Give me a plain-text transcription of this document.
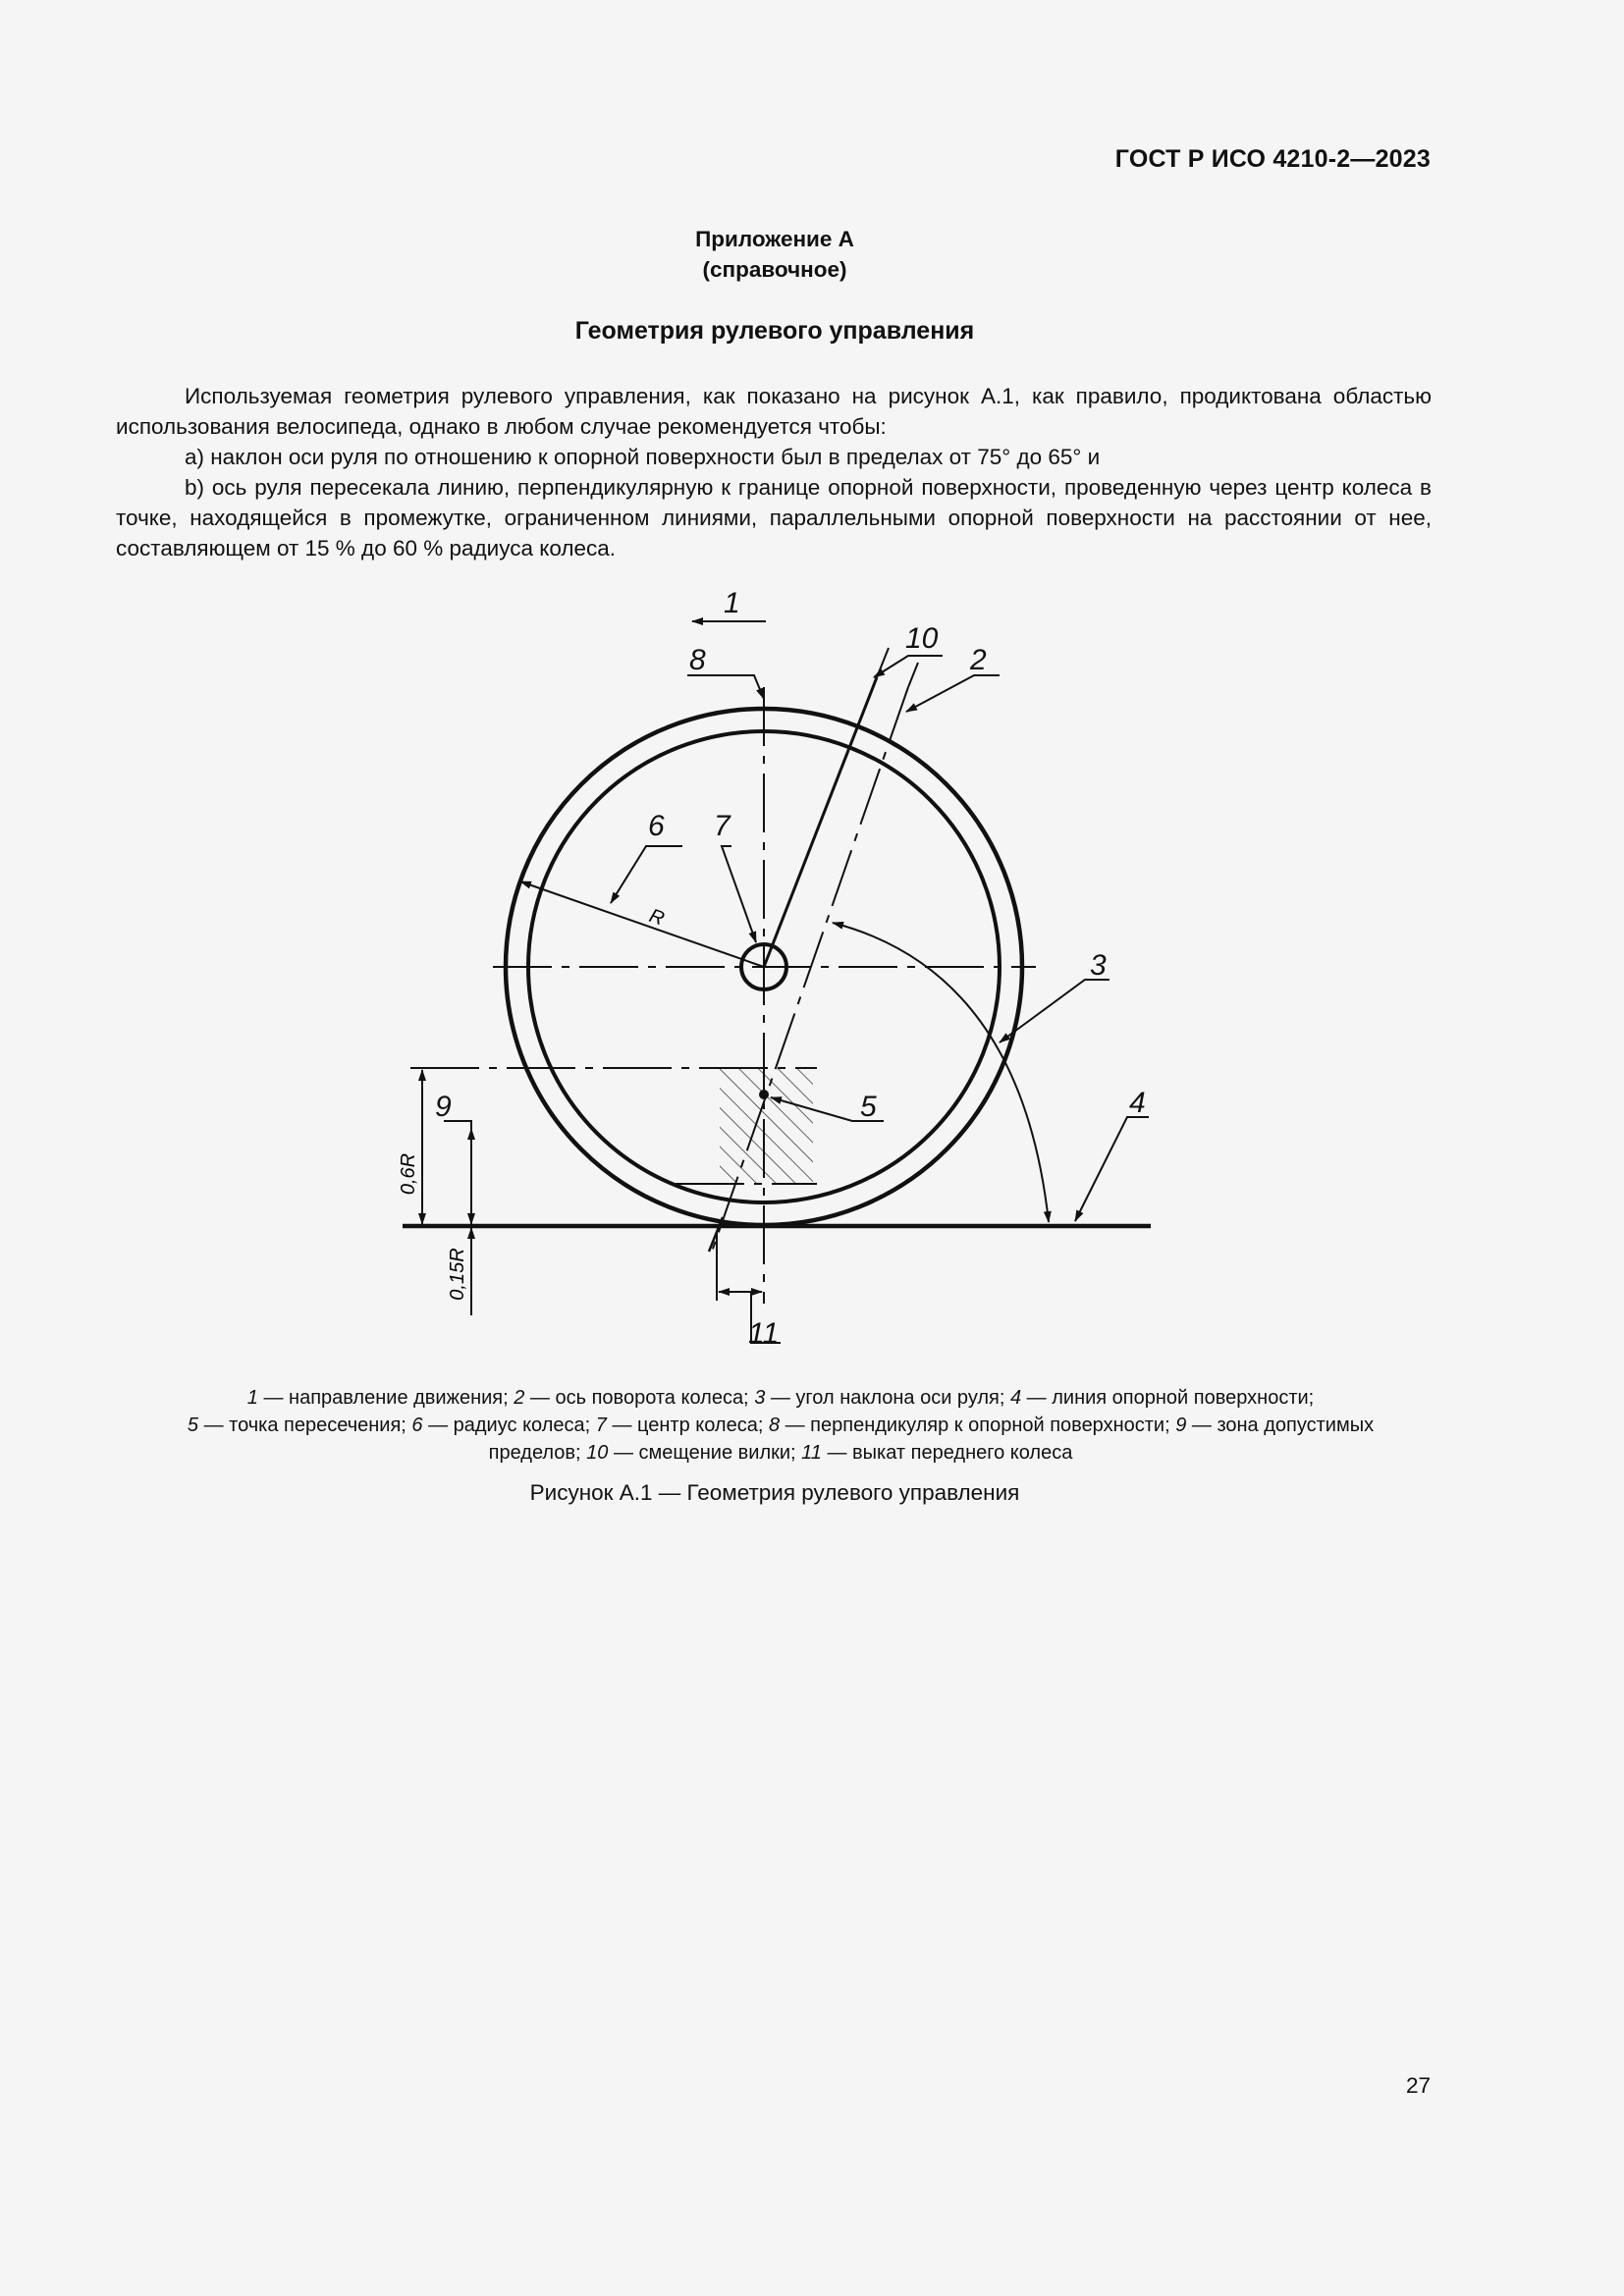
ГОСТ Р ИСО 4210-2—2023
Приложение А
(справочное)
Геометрия рулевого управления

Используемая геометрия рулевого управления, как показано на рисунок А.1, как правило, продиктована областью использования велосипеда, однако в любом случае рекомендуется чтобы:

a) наклон оси руля по отношению к опорной поверхности был в пределах от 75° до 65° и

b) ось руля пересекала линию, перпендикулярную к границе опорной поверхности, проведенную через центр колеса в точке, находящейся в промежутке, ограниченном линиями, параллельными опорной поверхности на расстоянии от нее, составляющем от 15 % до 60 % радиуса колеса.

R
0,6R
0,15R
1
2
3
4
5
6 7
8
9
10
11
1 — направление движения; 2 — ось поворота колеса; 3 — угол наклона оси руля; 4 — линия опорной поверхности;
5 — точка пересечения; 6 — радиус колеса; 7 — центр колеса; 8 — перпендикуляр к опорной поверхности; 9 — зона допустимых пределов; 10 — смещение вилки; 11 — выкат переднего колеса
Рисунок А.1 — Геометрия рулевого управления
27
